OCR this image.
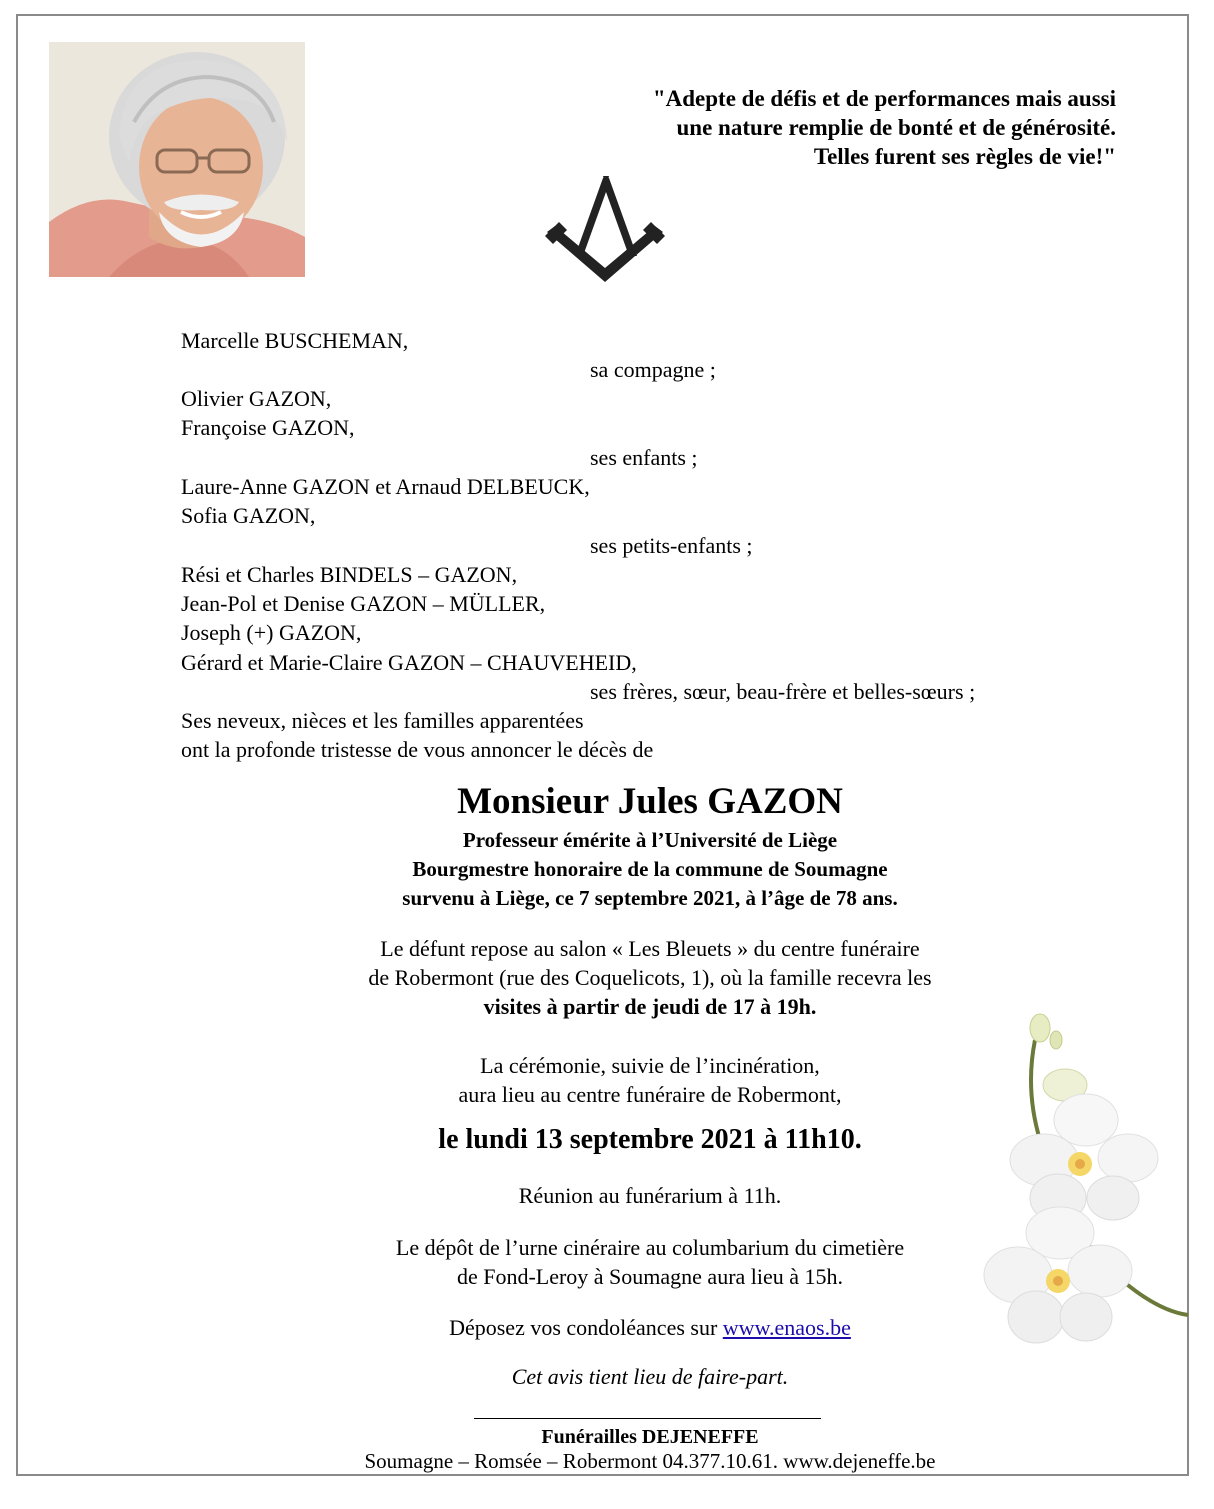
"Adepte de défis et de performances mais aussi
une nature remplie de bonté et de générosité.
Telles furent ses règles de vie!"
Marcelle BUSCHEMAN,
sa compagne ;
Olivier GAZON,
Françoise GAZON,
ses enfants ;
Laure-Anne GAZON et Arnaud DELBEUCK,
Sofia GAZON,
ses petits-enfants ;
Rési et Charles BINDELS – GAZON,
Jean-Pol et Denise GAZON – MÜLLER,
Joseph (+) GAZON,
Gérard et Marie-Claire GAZON – CHAUVEHEID,
ses frères, sœur, beau-frère et belles-sœurs ;
Ses neveux, nièces et les familles apparentées
ont la profonde tristesse de vous annoncer le décès de
Monsieur Jules GAZON
Professeur émérite à l’Université de Liège
Bourgmestre honoraire de la commune de Soumagne
survenu à Liège, ce 7 septembre 2021, à l’âge de 78 ans.
Le défunt repose au salon « Les Bleuets » du centre funéraire
de Robermont (rue des Coquelicots, 1), où la famille recevra les
visites à partir de jeudi de 17 à 19h.
La cérémonie, suivie de l’incinération,
aura lieu au centre funéraire de Robermont,
le lundi 13 septembre 2021 à 11h10.
Réunion au funérarium à 11h.
Le dépôt de l’urne cinéraire au columbarium du cimetière
de Fond-Leroy à Soumagne aura lieu à 15h.
Déposez vos condoléances sur www.enaos.be
Cet avis tient lieu de faire-part.
Funérailles DEJENEFFE
Soumagne – Romsée – Robermont 04.377.10.61. www.dejeneffe.be
